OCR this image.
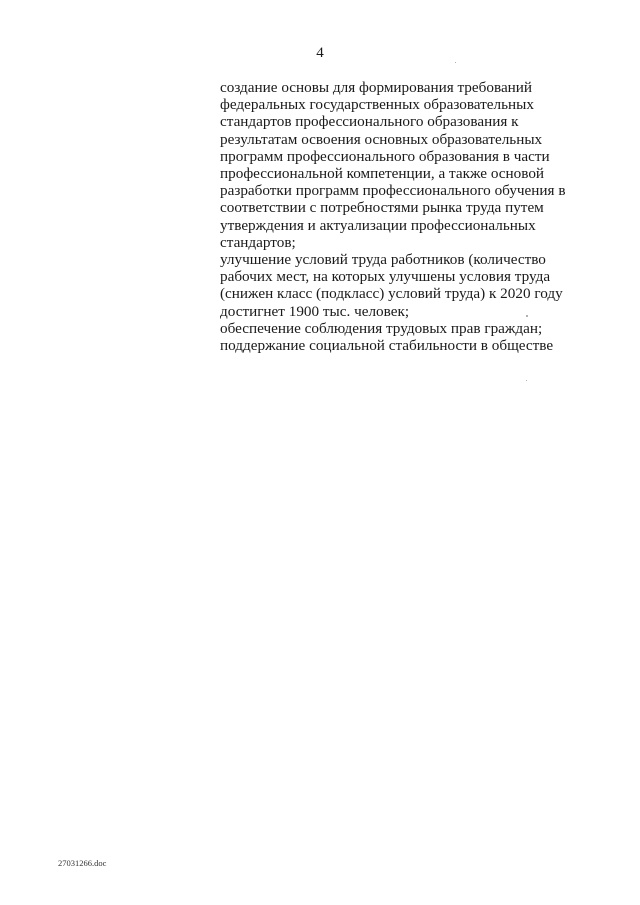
4

создание основы для формирования требований
федеральных государственных образовательных
стандартов профессионального образования к
результатам освоения основных образовательных
программ профессионального образования в части
профессиональной компетенции, а также основой
разработки программ профессионального обучения в
соответствии с потребностями рынка труда путем
утверждения и актуализации профессиональных
стандартов;

улучшение условий труда работников (количество
рабочих мест, на которых улучшены условия труда
(снижен класс (подкласс) условий труда) к 2020 году
достигнет 1900 тыс. человек;

обеспечение соблюдения трудовых прав граждан;

поддержание социальной стабильности в обществе

27031266.doc
